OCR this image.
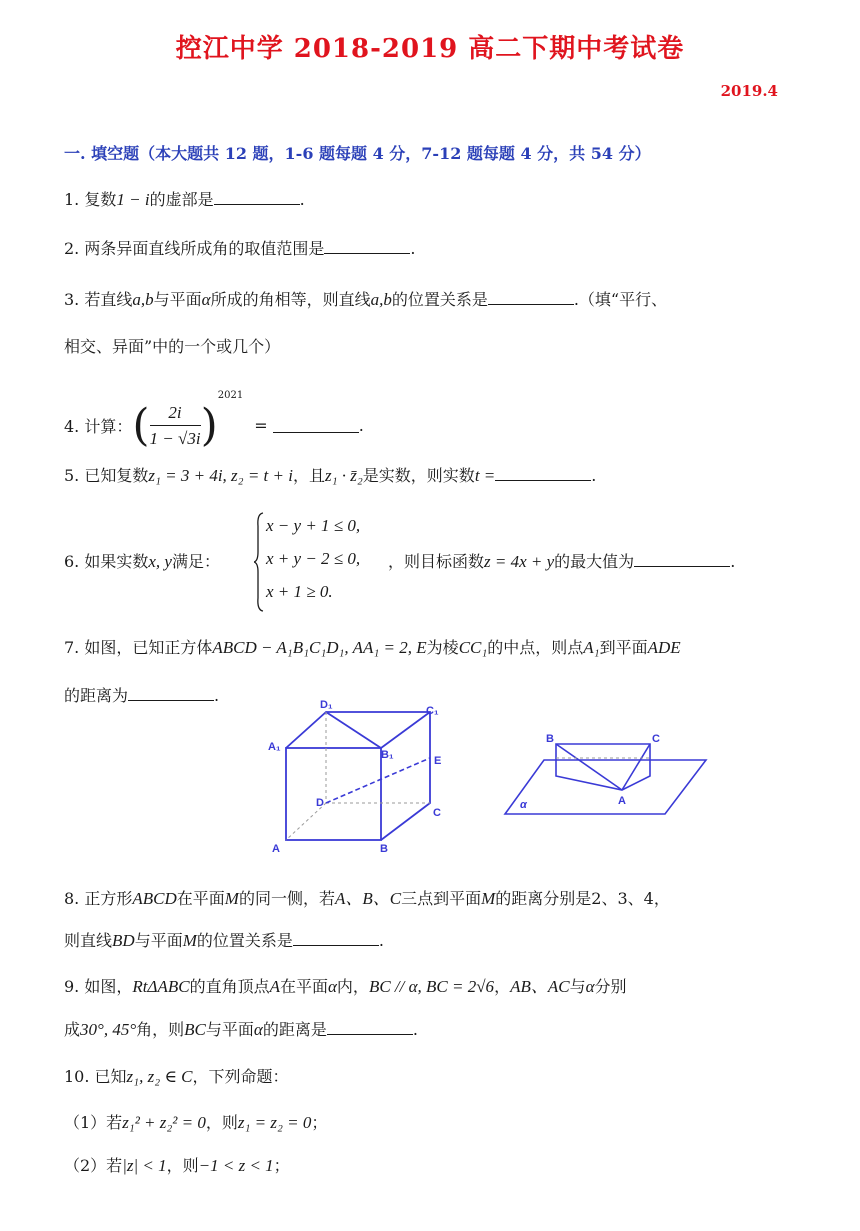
控江中学 2018-2019 高二下期中考试卷
2019.4
一. 填空题（本大题共 12 题，1-6 题每题 4 分，7-12 题每题 4 分，共 54 分）
1. 复数1 − i的虚部是	.
2. 两条异面直线所成角的取值范围是	.
3. 若直线a,b与平面α所成的角相等，则直线a,b的位置关系是	.（填“平行、
相交、异面”中的一个或几个）
4. 计算：( $\frac{2i}{1 - √3i} )^{2021}$ =	.
5. 已知复数z₁ = 3 + 4i, z₂ = t + i，且z₁ · z̄₂是实数，则实数t =	.
6. 如果实数x, y满足：
x − y + 1 ≤ 0,
x + y − 2 ≤ 0,
x + 1 ≥ 0.
，则目标函数z = 4x + y的最大值为	.
7. 如图，已知正方体ABCD − A₁B₁C₁D₁, AA₁ = 2, E为棱CC₁的中点，则点A₁到平面ADE
的距离为	.	D₁	C₁
A₁
B₁	E
D
C
A	B
B	C
A
α
8. 正方形ABCD在平面M的同一侧，若A、B、C三点到平面M的距离分别是2、3、4，
则直线BD与平面M的位置关系是	.
9. 如图，RtΔABC的直角顶点A在平面α内，BC // α, BC = 2√6，AB、AC与α分别
成30°, 45°角，则BC与平面α的距离是	.
10. 已知z₁, z₂ ∈ C，下列命题：
（1）若z₁² + z₂² = 0，则z₁ = z₂ = 0；
（2）若|z| < 1，则−1 < z < 1；
